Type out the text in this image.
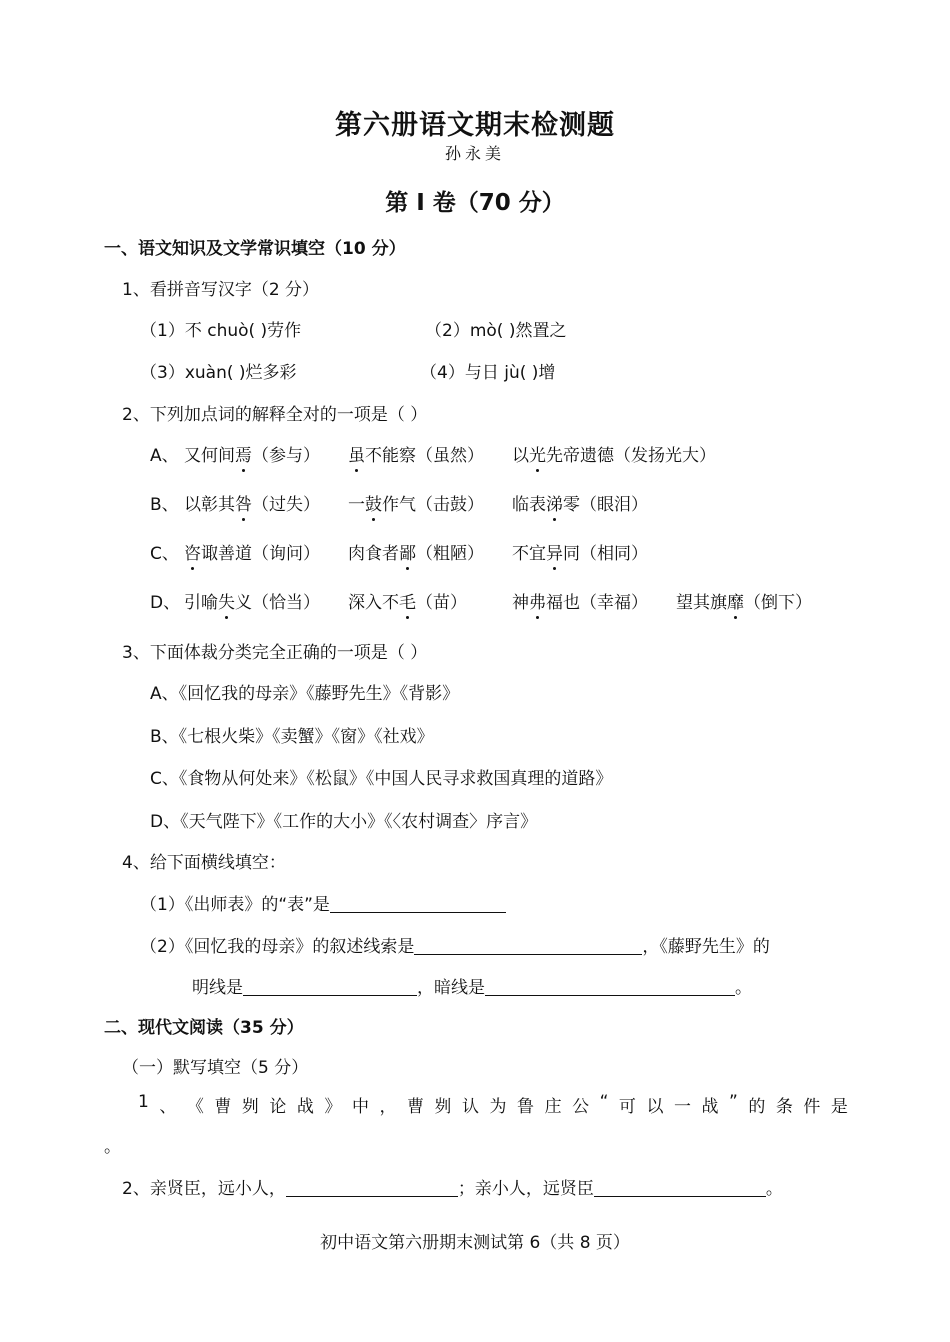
第六册语文期末检测题
孙永美
第 I 卷（70 分）
一、语文知识及文学常识填空（10 分）
1、看拼音写汉字（2 分）
（1）不 chuò( )劳作	（2）mò( )然置之
（3）xuàn( )烂多彩	（4）与日 jù( )增
2、下列加点词的解释全对的一项是（ ）
A、 又何间焉（参与） 虽不能察（虽然） 以光先帝遗德（发扬光大）
B、 以彰其咎（过失） 一鼓作气（击鼓） 临表涕零（眼泪）
C、 咨诹善道（询问） 肉食者鄙（粗陋） 不宜异同（相同）
D、 引喻失义（恰当） 深入不毛（苗）	神弗福也（幸福） 望其旗靡（倒下）
3、下面体裁分类完全正确的一项是（ ）
A、《回忆我的母亲》《藤野先生》《背影》
B、《七根火柴》《卖蟹》《窗》《社戏》
C、《食物从何处来》《松鼠》《中国人民寻求救国真理的道路》
D、《天气陛下》《工作的大小》《〈农村调查〉序言》
4、给下面横线填空：
（1）《出师表》的“表”是
（2）《回忆我的母亲》的叙述线索是	，《藤野先生》的
明线是	，暗线是	。
二、现代文阅读（35 分）
（一）默写填空（5 分）
1 、 《 曹 刿 论 战 》 中 ， 曹 刿 认 为 鲁 庄 公 “ 可 以 一 战 ” 的 条 件 是
。
2、亲贤臣，远小人，	；亲小人，远贤臣	。
初中语文第六册期末测试第 6（共 8 页）
